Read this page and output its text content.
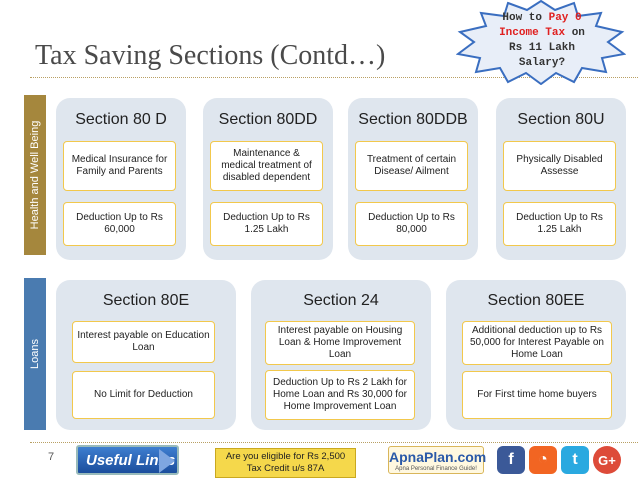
Tax Saving Sections (Contd…)
How to Pay 0
Income Tax on
Rs 11 Lakh
Salary?
Health and Well Being
Section 80 D
Medical Insurance for Family and Parents
Deduction Up to Rs 60,000
Section 80DD
Maintenance & medical treatment of disabled dependent
Deduction Up to Rs 1.25 Lakh
Section 80DDB
Treatment of certain Disease/ Ailment
Deduction Up to Rs 80,000
Section 80U
Physically Disabled Assesse
Deduction Up to Rs 1.25 Lakh
Loans
Section 80E
Interest payable on Education Loan
No Limit for Deduction
Section 24
Interest payable on Housing Loan & Home Improvement Loan
Deduction Up to Rs 2 Lakh for Home Loan and Rs 30,000 for Home Improvement Loan
Section 80EE
Additional deduction up to Rs 50,000 for Interest Payable on Home Loan
For First time home buyers
7 Useful Links	Are you eligible for Rs 2,500 Tax Credit u/s 87A
ApnaPlan.com
Apna Personal Finance Guide!
f	◔	t	G+
